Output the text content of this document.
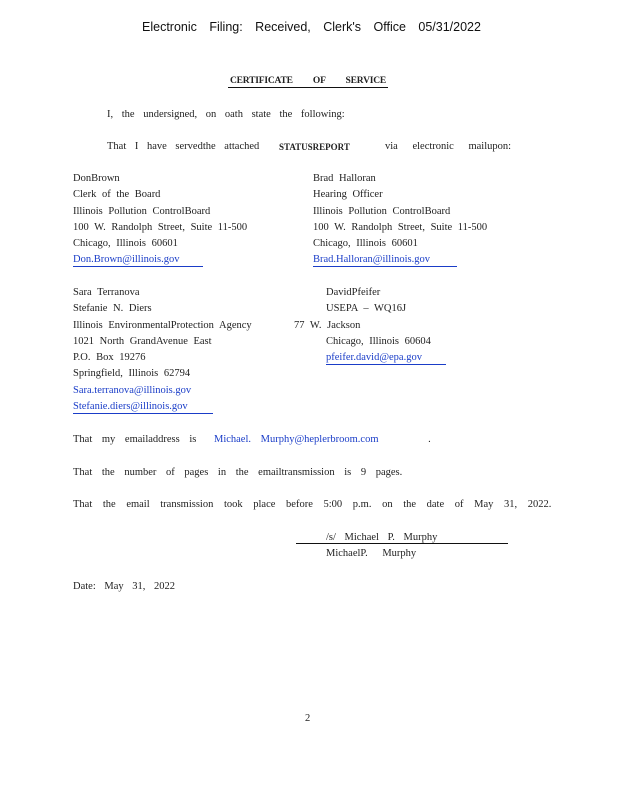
Electronic Filing: Received, Clerk's Office 05/31/2022
CERTIFICATE OF SERVICE
I, the undersigned, on oath state the following:
That I have servedthe attached STATUSREPORT	via electronic mailupon:
DonBrown
Clerk of the Board
Illinois Pollution ControlBoard
100 W. Randolph Street, Suite 11-500
Chicago, Illinois 60601
Don.Brown@illinois.gov
Brad Halloran
Hearing Officer
Illinois Pollution ControlBoard
100 W. Randolph Street, Suite 11-500
Chicago, Illinois 60601
Brad.Halloran@illinois.gov
Sara Terranova
Stefanie N. Diers
Illinois EnvironmentalProtection Agency
1021 North GrandAvenue East
P.O. Box 19276
Springfield, Illinois 62794
Sara.terranova@illinois.gov
Stefanie.diers@illinois.gov
DavidPfeifer
USEPA – WQ16J
77 W. Jackson
Chicago, Illinois 60604
pfeifer.david@epa.gov
That my emailaddress is Michael. Murphy@heplerbroom.com	.
That the number of pages in the emailtransmission is 9 pages.
That the email transmission took place before 5:00 p.m. on the date of May 31, 2022.
/s/ Michael P. Murphy
MichaelP. Murphy
Date: May 31, 2022
2
